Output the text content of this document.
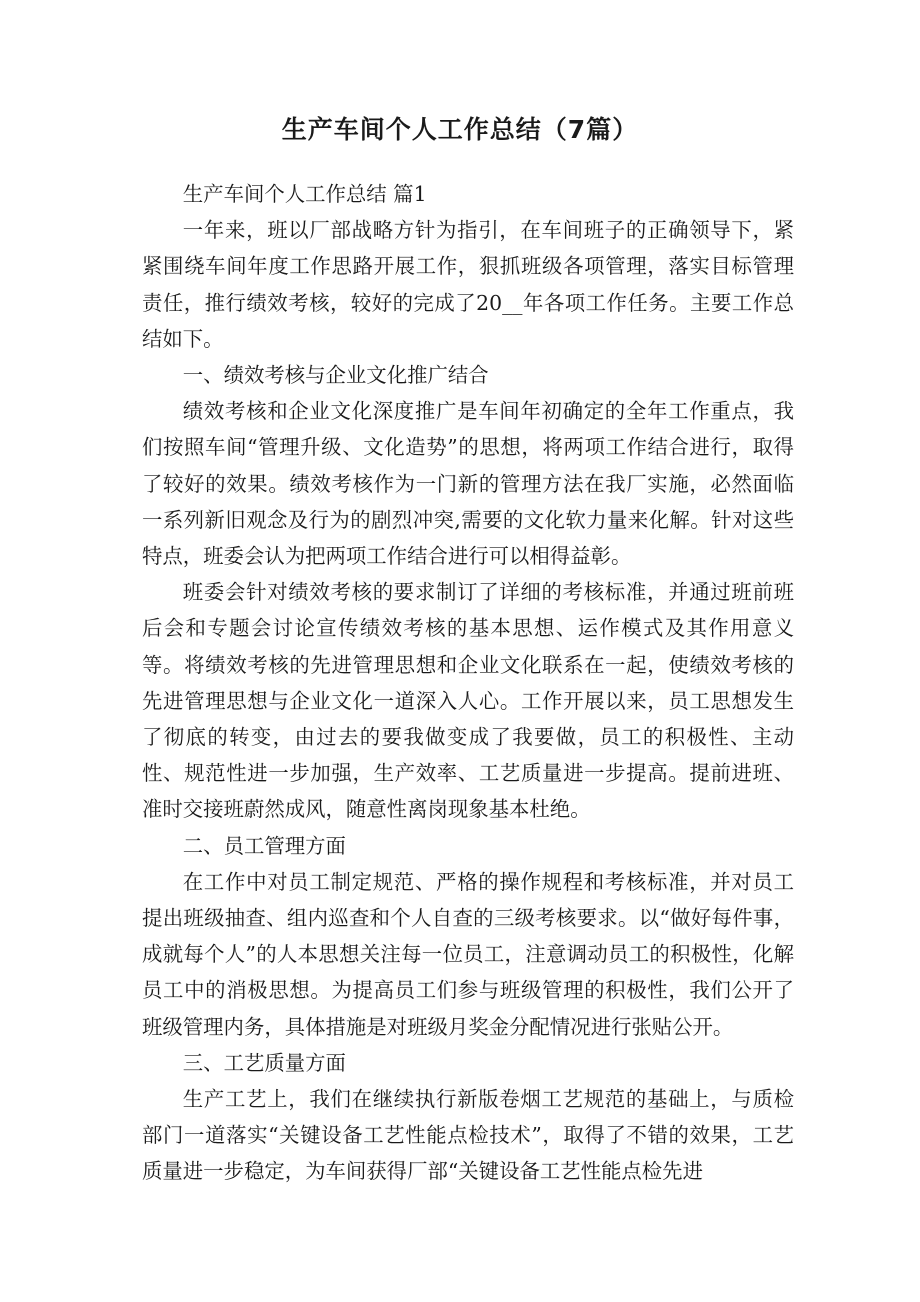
生产车间个人工作总结（7篇）

生产车间个人工作总结 篇1

一年来，班以厂部战略方针为指引，在车间班子的正确领导下，紧紧围绕车间年度工作思路开展工作，狠抓班级各项管理，落实目标管理责任，推行绩效考核，较好的完成了20__年各项工作任务。主要工作总结如下。

一、绩效考核与企业文化推广结合

绩效考核和企业文化深度推广是车间年初确定的全年工作重点，我们按照车间“管理升级、文化造势”的思想，将两项工作结合进行，取得了较好的效果。绩效考核作为一门新的管理方法在我厂实施，必然面临一系列新旧观念及行为的剧烈冲突,需要的文化软力量来化解。针对这些特点，班委会认为把两项工作结合进行可以相得益彰。

班委会针对绩效考核的要求制订了详细的考核标准，并通过班前班后会和专题会讨论宣传绩效考核的基本思想、运作模式及其作用意义等。将绩效考核的先进管理思想和企业文化联系在一起，使绩效考核的先进管理思想与企业文化一道深入人心。工作开展以来，员工思想发生了彻底的转变，由过去的要我做变成了我要做，员工的积极性、主动性、规范性进一步加强，生产效率、工艺质量进一步提高。提前进班、准时交接班蔚然成风，随意性离岗现象基本杜绝。

二、员工管理方面

在工作中对员工制定规范、严格的操作规程和考核标准，并对员工提出班级抽查、组内巡查和个人自查的三级考核要求。以“做好每件事，成就每个人”的人本思想关注每一位员工，注意调动员工的积极性，化解员工中的消极思想。为提高员工们参与班级管理的积极性，我们公开了班级管理内务，具体措施是对班级月奖金分配情况进行张贴公开。

三、工艺质量方面

生产工艺上，我们在继续执行新版卷烟工艺规范的基础上，与质检部门一道落实“关键设备工艺性能点检技术”，取得了不错的效果，工艺质量进一步稳定，为车间获得厂部“关键设备工艺性能点检先进
